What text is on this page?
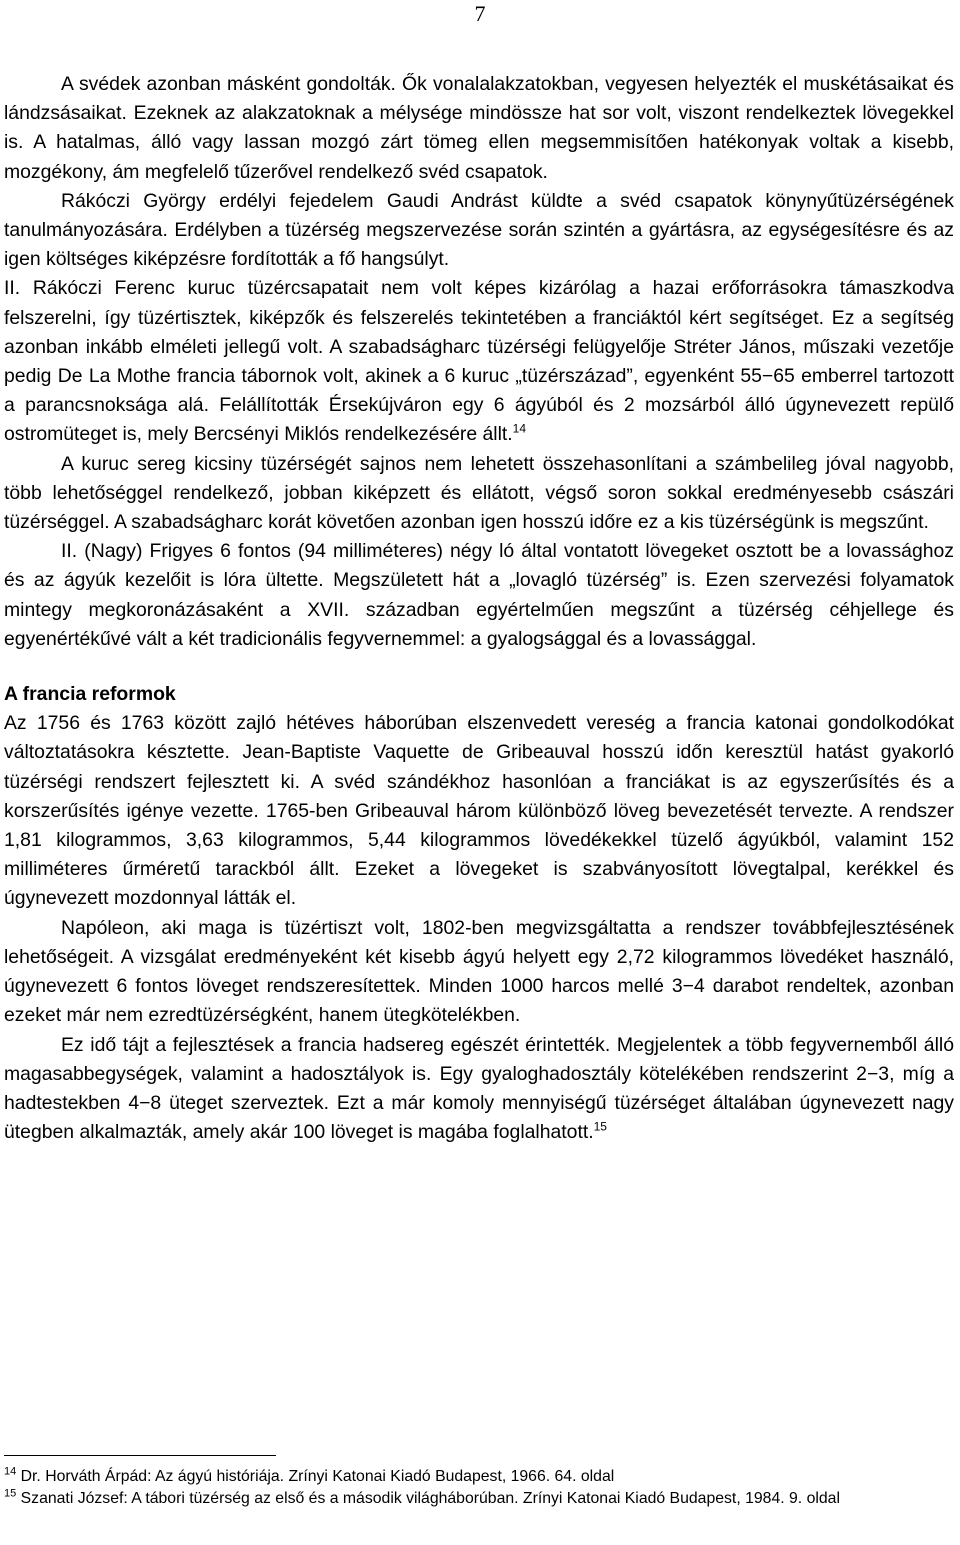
7

A svédek azonban másként gondolták. Ők vonalalakzatokban, vegyesen helyezték el muskétásaikat és lándzsásaikat. Ezeknek az alakzatoknak a mélysége mindössze hat sor volt, viszont rendelkeztek lövegekkel is. A hatalmas, álló vagy lassan mozgó zárt tömeg ellen megsemmisítően hatékonyak voltak a kisebb, mozgékony, ám megfelelő tűzerővel rendelkező svéd csapatok.

Rákóczi György erdélyi fejedelem Gaudi Andrást küldte a svéd csapatok könynyűtüzérségének tanulmányozására. Erdélyben a tüzérség megszervezése során szintén a gyártásra, az egységesítésre és az igen költséges kiképzésre fordították a fő hangsúlyt.

II. Rákóczi Ferenc kuruc tüzércsapatait nem volt képes kizárólag a hazai erőforrásokra támaszkodva felszerelni, így tüzértisztek, kiképzők és felszerelés tekintetében a franciáktól kért segítséget. Ez a segítség azonban inkább elméleti jellegű volt. A szabadságharc tüzérségi felügyelője Stréter János, műszaki vezetője pedig De La Mothe francia tábornok volt, akinek a 6 kuruc „tüzérszázad”, egyenként 55−65 emberrel tartozott a parancsnoksága alá. Felállították Érsekújváron egy 6 ágyúból és 2 mozsárból álló úgynevezett repülő ostromüteget is, mely Bercsényi Miklós rendelkezésére állt.$^{14}$

A kuruc sereg kicsiny tüzérségét sajnos nem lehetett összehasonlítani a számbelileg jóval nagyobb, több lehetőséggel rendelkező, jobban kiképzett és ellátott, végső soron sokkal eredményesebb császári tüzérséggel. A szabadságharc korát követően azonban igen hosszú időre ez a kis tüzérségünk is megszűnt.

II. (Nagy) Frigyes 6 fontos (94 milliméteres) négy ló által vontatott lövegeket osztott be a lovassághoz és az ágyúk kezelőit is lóra ültette. Megszületett hát a „lovagló tüzérség” is. Ezen szervezési folyamatok mintegy megkoronázásaként a XVII. században egyértelműen megszűnt a tüzérség céhjellege és egyenértékűvé vált a két tradicionális fegyvernemmel: a gyalogsággal és a lovassággal.

A francia reformok

Az 1756 és 1763 között zajló hétéves háborúban elszenvedett vereség a francia katonai gondolkodókat változtatásokra késztette. Jean-Baptiste Vaquette de Gribeauval hosszú időn keresztül hatást gyakorló tüzérségi rendszert fejlesztett ki. A svéd szándékhoz hasonlóan a franciákat is az egyszerűsítés és a korszerűsítés igénye vezette. 1765-ben Gribeauval három különböző löveg bevezetését tervezte. A rendszer 1,81 kilogrammos, 3,63 kilogrammos, 5,44 kilogrammos lövedékekkel tüzelő ágyúkból, valamint 152 milliméteres űrméretű tarackból állt. Ezeket a lövegeket is szabványosított lövegtalpal, kerékkel és úgynevezett mozdonnyal látták el.

Napóleon, aki maga is tüzértiszt volt, 1802-ben megvizsgáltatta a rendszer továbbfejlesztésének lehetőségeit. A vizsgálat eredményeként két kisebb ágyú helyett egy 2,72 kilogrammos lövedéket használó, úgynevezett 6 fontos löveget rendszeresítettek. Minden 1000 harcos mellé 3−4 darabot rendeltek, azonban ezeket már nem ezredtüzérségként, hanem ütegkötelékben.

Ez idő tájt a fejlesztések a francia hadsereg egészét érintették. Megjelentek a több fegyvernemből álló magasabbegységek, valamint a hadosztályok is. Egy gyaloghadosztály kötelékében rendszerint 2−3, míg a hadtestekben 4−8 üteget szerveztek. Ezt a már komoly mennyiségű tüzérséget általában úgynevezett nagy ütegben alkalmazták, amely akár 100 löveget is magába foglalhatott.$^{15}$

$^{14}$ Dr. Horváth Árpád: Az ágyú históriája. Zrínyi Katonai Kiadó Budapest, 1966. 64. oldal
$^{15}$ Szanati József: A tábori tüzérség az első és a második világháborúban. Zrínyi Katonai Kiadó Budapest, 1984. 9. oldal
